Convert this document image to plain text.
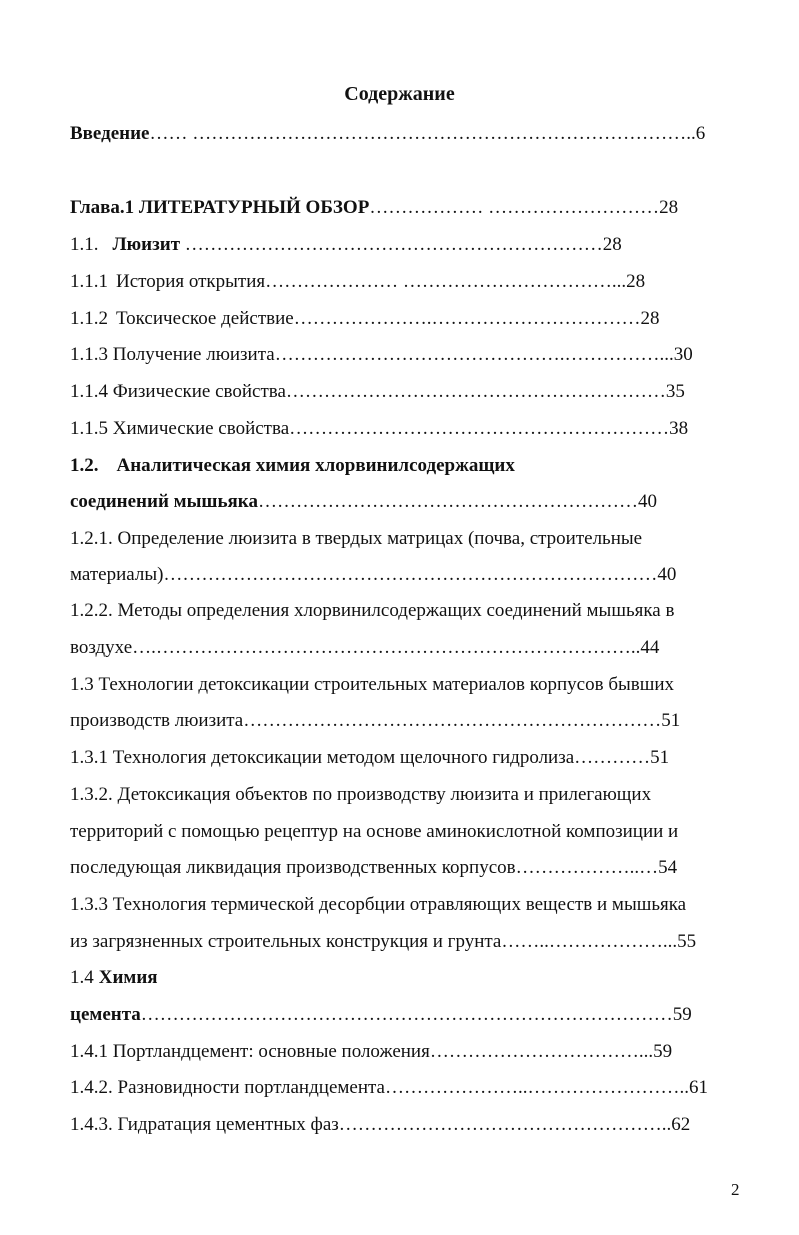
Содержание
Введение…… ……………………………………………………………………..6
Глава.1 ЛИТЕРАТУРНЫЙ ОБЗОР……………… ………………………28
1.1. Люизит …………………………………………………………28
1.1.1 История открытия………………… ……………………………...28
1.1.2 Токсическое действие………………….……………………………28
1.1.3 Получение люизита……………………………………….……………...30
1.1.4 Физические свойства……………………………………………………35
1.1.5 Химические свойства……………………………………………………38
1.2. Аналитическая химия хлорвинилсодержащих
соединений мышьяка……………………………………………………40
1.2.1. Определение люизита в твердых матрицах (почва, строительные
материалы)……………………………………………………………………40
1.2.2. Методы определения хлорвинилсодержащих соединений мышьяка в
воздухе….…………………………………………………………………..44
1.3 Технологии детоксикации строительных материалов корпусов бывших
производств люизита…………………………………………………………51
1.3.1 Технология детоксикации методом щелочного гидролиза…………51
1.3.2. Детоксикация объектов по производству люизита и прилегающих
территорий с помощью рецептур на основе аминокислотной композиции и
последующая ликвидация производственных корпусов………………..…54
1.3.3 Технология термической десорбции отравляющих веществ и мышьяка
из загрязненных строительных конструкция и грунта……..………………...55
1.4 Химия
цемента…………………………………………………………………………59
1.4.1 Портландцемент: основные положения……………………………...59
1.4.2. Разновидности портландцемента…………………..……………………..61
1.4.3. Гидратация цементных фаз……………………………………………..62
2
